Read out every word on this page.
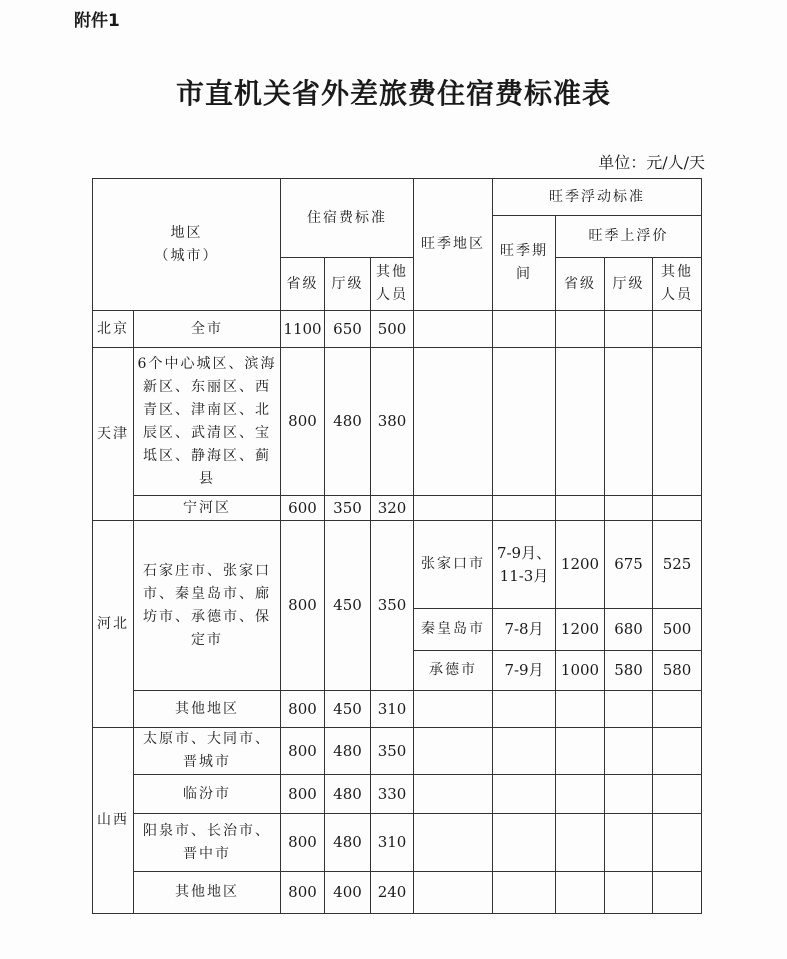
附件1
市直机关省外差旅费住宿费标准表
单位：元/人/天
地区
（城市）		住宿费标准			旺季地区	旺季浮动标准			
						旺季期间	旺季上浮价		
		省级	厅级	其他人员			省级	厅级	其他人员
北京	全市	1100	650	500					
天津	6个中心城区、滨海新区、东丽区、西青区、津南区、北辰区、武清区、宝坻区、静海区、蓟县	800	480	380					
	宁河区	600	350	320					
河北	石家庄市、张家口市、秦皇岛市、廊坊市、承德市、保定市	800	450	350	张家口市	7-9月、11-3月	1200	675	525
					秦皇岛市	7-8月	1200	680	500
					承德市	7-9月	1000	580	580
	其他地区	800	450	310					
山西	太原市、大同市、晋城市	800	480	350					
	临汾市	800	480	330					
	阳泉市、长治市、晋中市	800	480	310					
	其他地区	800	400	240					
